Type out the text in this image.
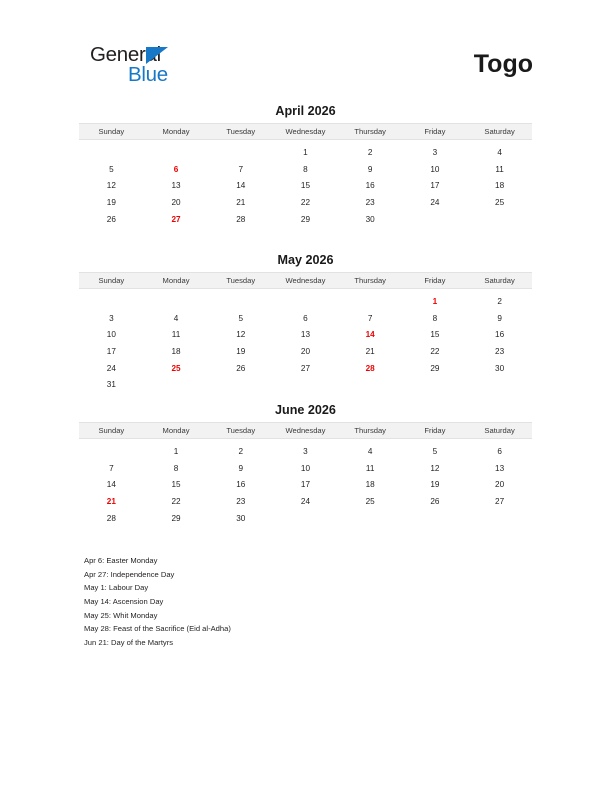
General
Blue	Togo
April 2026
Sunday	Monday	Tuesday	Wednesday	Thursday	Friday	Saturday
			1	2	3	4
5	6	7	8	9	10	11
12	13	14	15	16	17	18
19	20	21	22	23	24	25
26	27	28	29	30		
May 2026
Sunday	Monday	Tuesday	Wednesday	Thursday	Friday	Saturday
					1	2
3	4	5	6	7	8	9
10	11	12	13	14	15	16
17	18	19	20	21	22	23
24	25	26	27	28	29	30
31						
June 2026
Sunday	Monday	Tuesday	Wednesday	Thursday	Friday	Saturday
	1	2	3	4	5	6
7	8	9	10	11	12	13
14	15	16	17	18	19	20
21	22	23	24	25	26	27
28	29	30				
Apr 6: Easter Monday
Apr 27: Independence Day
May 1: Labour Day
May 14: Ascension Day
May 25: Whit Monday
May 28: Feast of the Sacrifice (Eid al-Adha)
Jun 21: Day of the Martyrs
